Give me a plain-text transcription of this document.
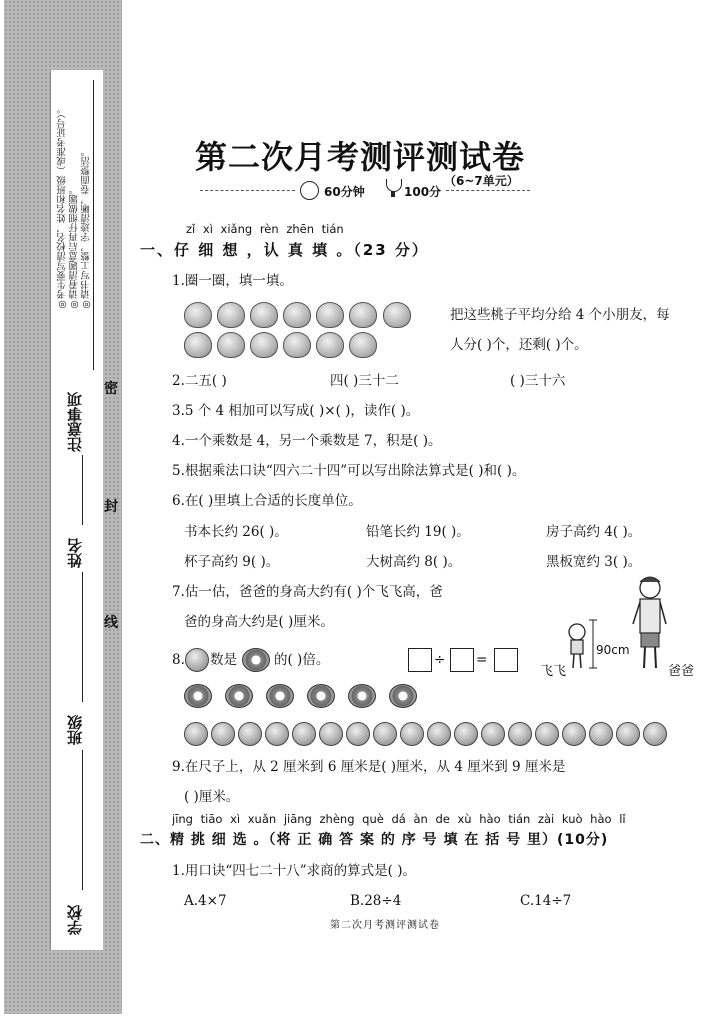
◎考生要写清校名，姓名和班级（或准考证号）。 ◎请看清题意后再仔细做题。 ◎请书写工整，字迹清晰，卷面整洁。
注意事项
姓名
班级
学校
密
封
线
第二次月考测评测试卷
60分钟	100分
（6~7单元）
zǐ xì xiǎng rèn zhēn tián
一、仔 细 想 ，认 真 填 。（23 分）
1.圈一圈，填一填。

把这些桃子平均分给 4 个小朋友，每
人分( )个，还剩( )个。
2.二五( )	四( )三十二	( )三十六
3.5 个 4 相加可以写成( )×( )，读作( )。
4.一个乘数是 4，另一个乘数是 7，积是( )。
5.根据乘法口诀“四六二十四”可以写出除法算式是( )和( )。
6.在( )里填上合适的长度单位。
书本长约 26( )。	铅笔长约 19( )。	房子高约 4( )。
杯子高约 9( )。	大树高约 8( )。	黑板宽约 3( )。
7.估一估，爸爸的身高大约有( )个飞飞高，爸
爸的身高大约是( )厘米。
90cm
飞飞	爸爸
8. 数是	的( )倍。	÷ =
9.在尺子上，从 2 厘米到 6 厘米是( )厘米，从 4 厘米到 9 厘米是
( )厘米。
jīng tiāo xì xuǎn jiāng zhèng què dá àn de xù hào tián zài kuò hào lǐ
二、精 挑 细 选 。（将 正 确 答 案 的 序 号 填 在 括 号 里）(10分)
1.用口诀“四七二十八”求商的算式是( )。
A.4×7	B.28÷4	C.14÷7
第二次月考测评测试卷
